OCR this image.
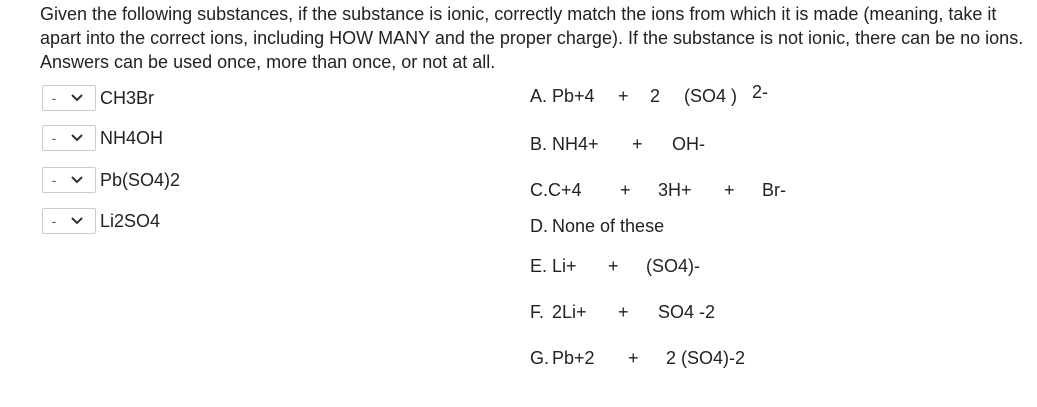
Given the following substances, if the substance is ionic, correctly match the ions from which it is made (meaning, take it apart into the correct ions, including HOW MANY and the proper charge). If the substance is not ionic, there can be no ions. Answers can be used once, more than once, or not at all.

-	CH3Br
-	NH4OH
-	Pb(SO4)2
-	Li2SO4
A. Pb+4 + 2 (SO4 ) 2-
B. NH4+ + OH-
C. C+4 + 3H+ + Br-
D. None of these
E. Li+ + (SO4)-
F. 2Li+ + SO4 -2
G. Pb+2 + 2 (SO4)-2
